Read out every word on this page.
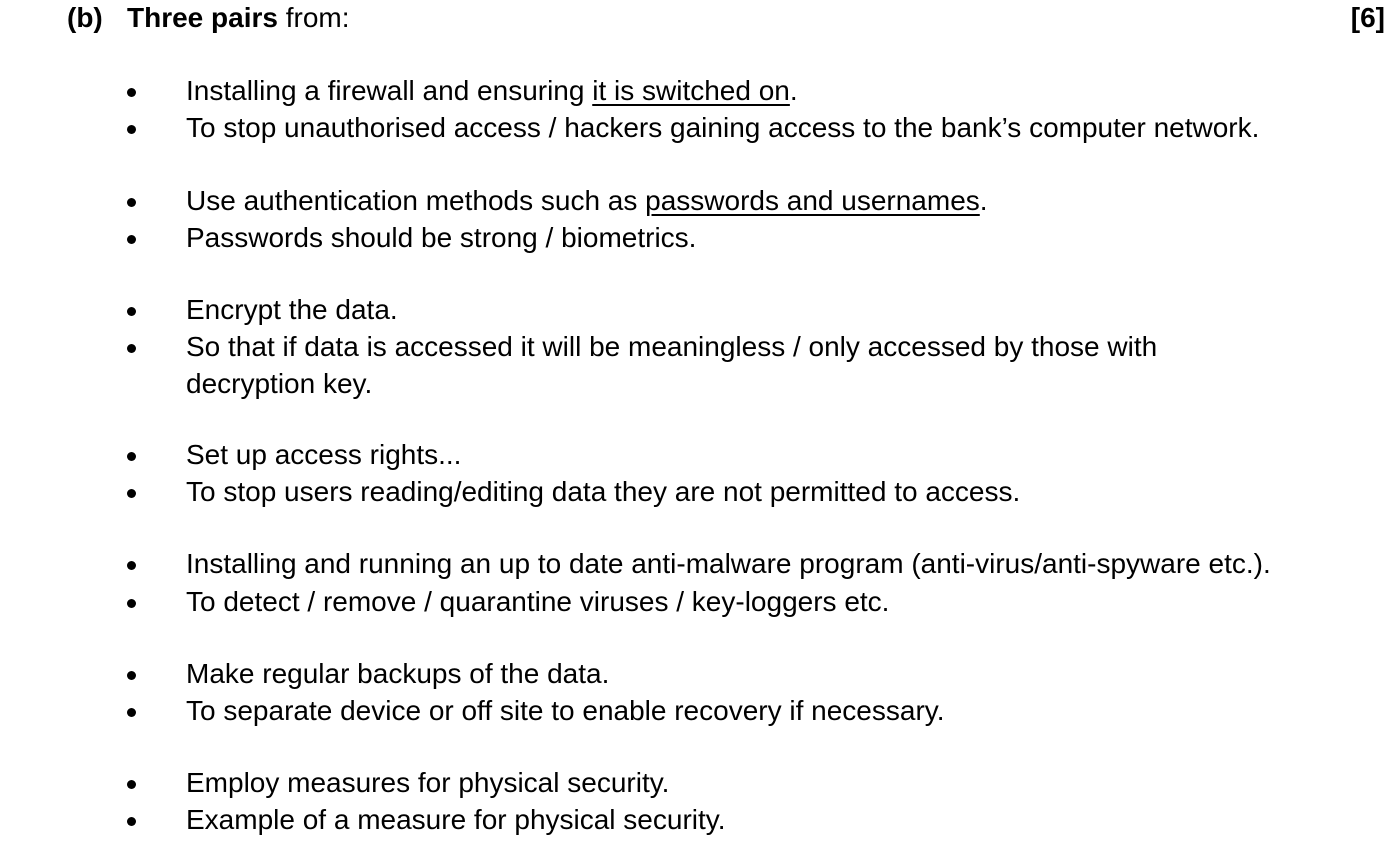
(b) Three pairs from:	[6]
Installing a firewall and ensuring it is switched on.
To stop unauthorised access / hackers gaining access to the bank’s computer network.
Use authentication methods such as passwords and usernames.
Passwords should be strong / biometrics.
Encrypt the data.
So that if data is accessed it will be meaningless / only accessed by those with
decryption key.
Set up access rights...
To stop users reading/editing data they are not permitted to access.
Installing and running an up to date anti-malware program (anti-virus/anti-spyware etc.).
To detect / remove / quarantine viruses / key-loggers etc.
Make regular backups of the data.
To separate device or off site to enable recovery if necessary.
Employ measures for physical security.
Example of a measure for physical security.
